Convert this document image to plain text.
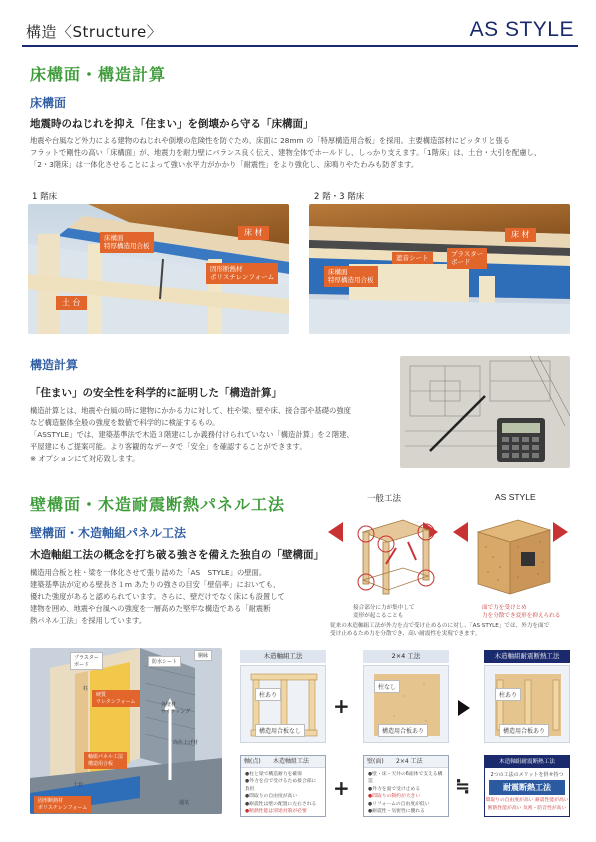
構造〈Structure〉	AS STYLE
床構面・構造計算
床構面
地震時のねじれを抑え「住まい」を倒壊から守る「床構面」
地震や台風など外力による建物のねじれや倒壊の危険性を防ぐため、床面に 28mm の「特厚構造用合板」を採用。主要構造部材にピッタリと張る
フラットで剛性の高い「床構面」が、地震力を耐力壁にバランス良く伝え、建物全体でホールドし、しっかり支えます。「1階床」は、土台・大引を配慮し、
「2・3階床」は一体化させることによって強い水平力がかかり「耐震性」をより強化し、床鳴りやたわみも防ぎます。
1 階床	2 階・3 階床
床構面
特厚構造用合板
床 材
固形断熱材
ポリスチレンフォーム
土 台
床 材
遮音シート	プラスター
ボード
床構面
特厚構造用合板
構造計算
「住まい」の安全性を科学的に証明した「構造計算」
構造計算とは、地震や台風の時に建物にかかる力に対して、柱や梁、壁や床、接合部や基礎の強度
など構造躯体全般の強度を数値で科学的に検証するもの。
「ASSTYLE」では、建築基準法で木造３階建にしか義務付けられていない「構造計算」を２階建、
平屋建にもご提案可能。より客観的なデータで「安全」を確認することができます。
※ オプションにて対応致します。
壁構面・木造耐震断熱パネル工法
壁構面・木造軸組パネル工法
木造軸組工法の概念を打ち破る強さを備えた独自の「壁構面」
構造用合板と柱・梁を一体化させて張り詰めた「AS　STYLE」の壁面。
建築基準法が定める壁長さ１m あたりの強さの目安「壁倍率」においても、
優れた強度があると認められています。さらに、壁だけでなく床にも設置して
建物を囲め、地震や台風への強度を一層高めた堅牢な構造である「耐震断
熱パネル工法」を採用しています。
一般工法	AS STYLE
接合部分に力が集中して
変形が起こることも
面で力を受けとめ
力を分散でき変形を抑えられる
従来の木造軸組工法が外力を点で受け止めるのに対し、「AS STYLE」では、外力を面で
受け止めるため力を分散でき、高い耐震性を実現できます。
プラスター
ボード	防水シート
胴縁
外壁材
サイディング
柱
硬質
ウレタンフォーム
軸組パネル工法
構造用合板
土台
固形断熱材
ポリスチレンフォーム
通気
高仕上げ材
木造軸組工法	2×4 工法	木造軸組耐震断熱工法
柱あり
構造用合板なし
柱なし
構造用合板あり
柱あり
構造用合板あり
+
軸(点) 木造軸組工法
●柱と梁で構造耐力を確保
●外力を点で受けるため接合部に負担
●間取りの自由度が高い
●耐震性は壁の配置に左右される
●断熱性能は別途対策が必要
+
壁(面) 2×4 工法
●壁・床・天井の6面体で支える構造
●外力を面で受け止める
●間取りの制約が大きい
●リフォームの自由度が低い
●耐震性・気密性に優れる
≒
木造軸組耐震断熱工法
2つの工法のメリットを併せ持つ
耐震断熱工法
間取りの自由度が高い 耐震性能が高い
断熱性能が高い 気密・防音性が高い
